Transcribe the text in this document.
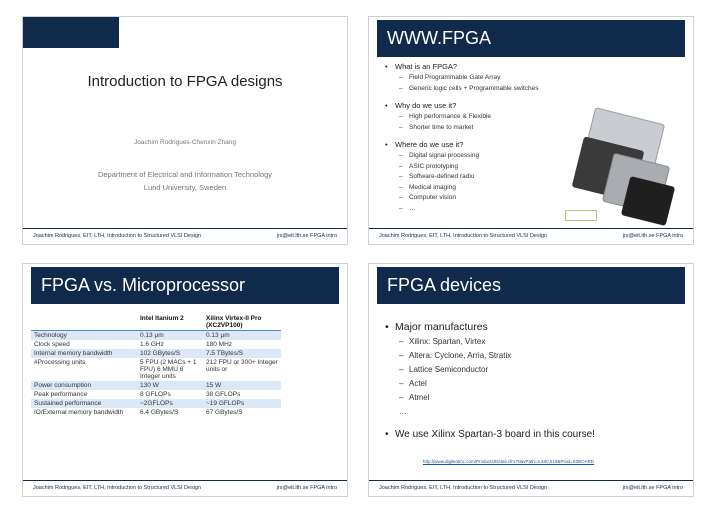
Introduction to FPGA designs
Joachim Rodrigues-Chenxin Zhang
Department of Electrical and Information Technology
Lund University, Sweden
Joachim Rodrigues, EIT, LTH, Introduction to Structured VLSI Design	jrs@eit.lth.se FPGA intro
WWW.FPGA
• What is an FPGA?
– Field Programmable Gate Array
– Generic logic cells + Programmable switches
• Why do we use it?
– High performance & Flexible
– Shorter time to market
• Where do we use it?
– Digital signal processing
– ASIC prototyping
– Software-defined radio
– Medical imaging
– Computer vision
– …
Joachim Rodrigues, EIT, LTH, Introduction to Structured VLSI Design	jrs@eit.lth.se FPGA intro
FPGA vs. Microprocessor
	Intel Itanium 2	Xilinx Virtex-II Pro (XC2VP100)
Technology	0.13 µm	0.13 µm
Clock speed	1.6 GHz	180 MHz
Internal memory bandwidth	102 GBytes/S	7.5 TBytes/S
#Processing units	5 FPU (2 MACs + 1 FPU) 6 MMU 6 Integer units	212 FPU or 300+ Integer units or
Power consumption	130 W	15 W
Peak performance	8 GFLOPs	38 GFLOPs
Sustained performance	~2GFLOPs	~19 GFLOPs
IO/External memory bandwidth	6.4 GBytes/S	67 GBytes/S
Joachim Rodrigues, EIT, LTH, Introduction to Structured VLSI Design	jrs@eit.lth.se FPGA intro
FPGA devices
• Major manufactures
– Xilinx: Spartan, Virtex
– Altera: Cyclone, Arria, Stratix
– Lattice Semiconductor
– Actel
– Atmel
…
• We use Xilinx Spartan-3 board in this course!
http://www.digilentinc.com/Products/Detail.cfm?NavPath=2,400,519&Prod=S3BOARD
Joachim Rodrigues, EIT, LTH, Introduction to Structured VLSI Design	jrs@eit.lth.se FPGA intro
